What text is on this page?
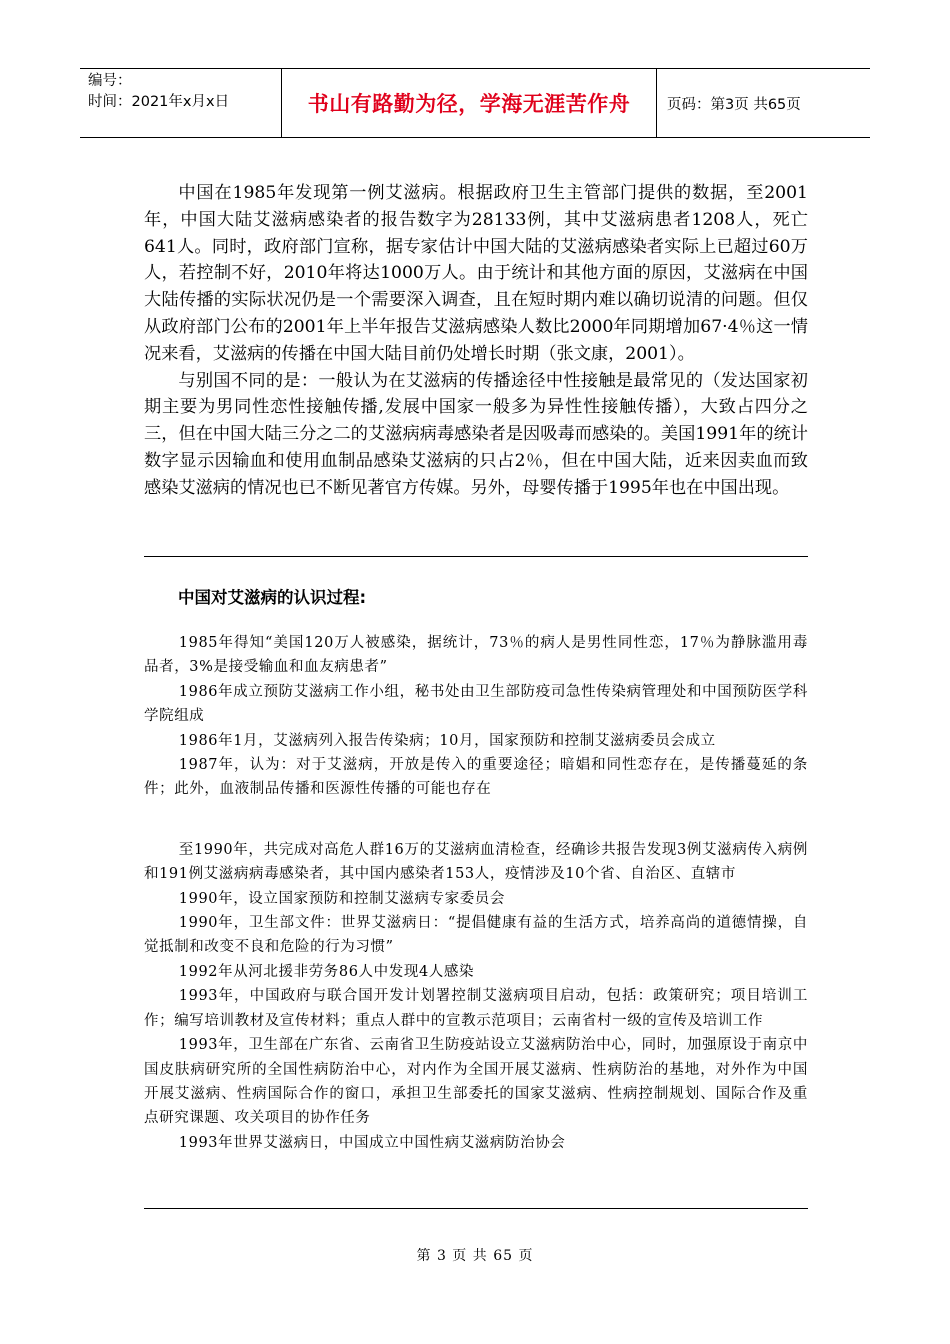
编号：
时间：2021年x月x日	书山有路勤为径，学海无涯苦作舟	页码：第3页 共65页

中国在1985年发现第一例艾滋病。根据政府卫生主管部门提供的数据，至2001年，中国大陆艾滋病感染者的报告数字为28133例，其中艾滋病患者1208人，死亡641人。同时，政府部门宣称，据专家估计中国大陆的艾滋病感染者实际上已超过60万人，若控制不好，2010年将达1000万人。由于统计和其他方面的原因，艾滋病在中国大陆传播的实际状况仍是一个需要深入调查，且在短时期内难以确切说清的问题。但仅从政府部门公布的2001年上半年报告艾滋病感染人数比2000年同期增加67·4％这一情况来看，艾滋病的传播在中国大陆目前仍处增长时期（张文康，2001）。

与别国不同的是：一般认为在艾滋病的传播途径中性接触是最常见的（发达国家初期主要为男同性恋性接触传播,发展中国家一般多为异性性接触传播），大致占四分之三，但在中国大陆三分之二的艾滋病病毒感染者是因吸毒而感染的。美国1991年的统计数字显示因输血和使用血制品感染艾滋病的只占2％，但在中国大陆，近来因卖血而致感染艾滋病的情况也已不断见著官方传媒。另外，母婴传播于1995年也在中国出现。

中国对艾滋病的认识过程:

1985年得知“美国120万人被感染，据统计，73％的病人是男性同性恋，17％为静脉滥用毒品者，3%是接受输血和血友病患者”

1986年成立预防艾滋病工作小组，秘书处由卫生部防疫司急性传染病管理处和中国预防医学科学院组成

1986年1月，艾滋病列入报告传染病；10月，国家预防和控制艾滋病委员会成立

1987年，认为：对于艾滋病，开放是传入的重要途径；暗娼和同性恋存在，是传播蔓延的条件；此外，血液制品传播和医源性传播的可能也存在

至1990年，共完成对高危人群16万的艾滋病血清检查，经确诊共报告发现3例艾滋病传入病例和191例艾滋病病毒感染者，其中国内感染者153人，疫情涉及10个省、自治区、直辖市

1990年，设立国家预防和控制艾滋病专家委员会

1990年，卫生部文件：世界艾滋病日：“提倡健康有益的生活方式，培养高尚的道德情操，自觉抵制和改变不良和危险的行为习惯”

1992年从河北援非劳务86人中发现4人感染

1993年，中国政府与联合国开发计划署控制艾滋病项目启动，包括：政策研究；项目培训工作；编写培训教材及宣传材料；重点人群中的宣教示范项目；云南省村一级的宣传及培训工作

1993年，卫生部在广东省、云南省卫生防疫站设立艾滋病防治中心，同时，加强原设于南京中国皮肤病研究所的全国性病防治中心，对内作为全国开展艾滋病、性病防治的基地，对外作为中国开展艾滋病、性病国际合作的窗口，承担卫生部委托的国家艾滋病、性病控制规划、国际合作及重点研究课题、攻关项目的协作任务

1993年世界艾滋病日，中国成立中国性病艾滋病防治协会

第 3 页 共 65 页
